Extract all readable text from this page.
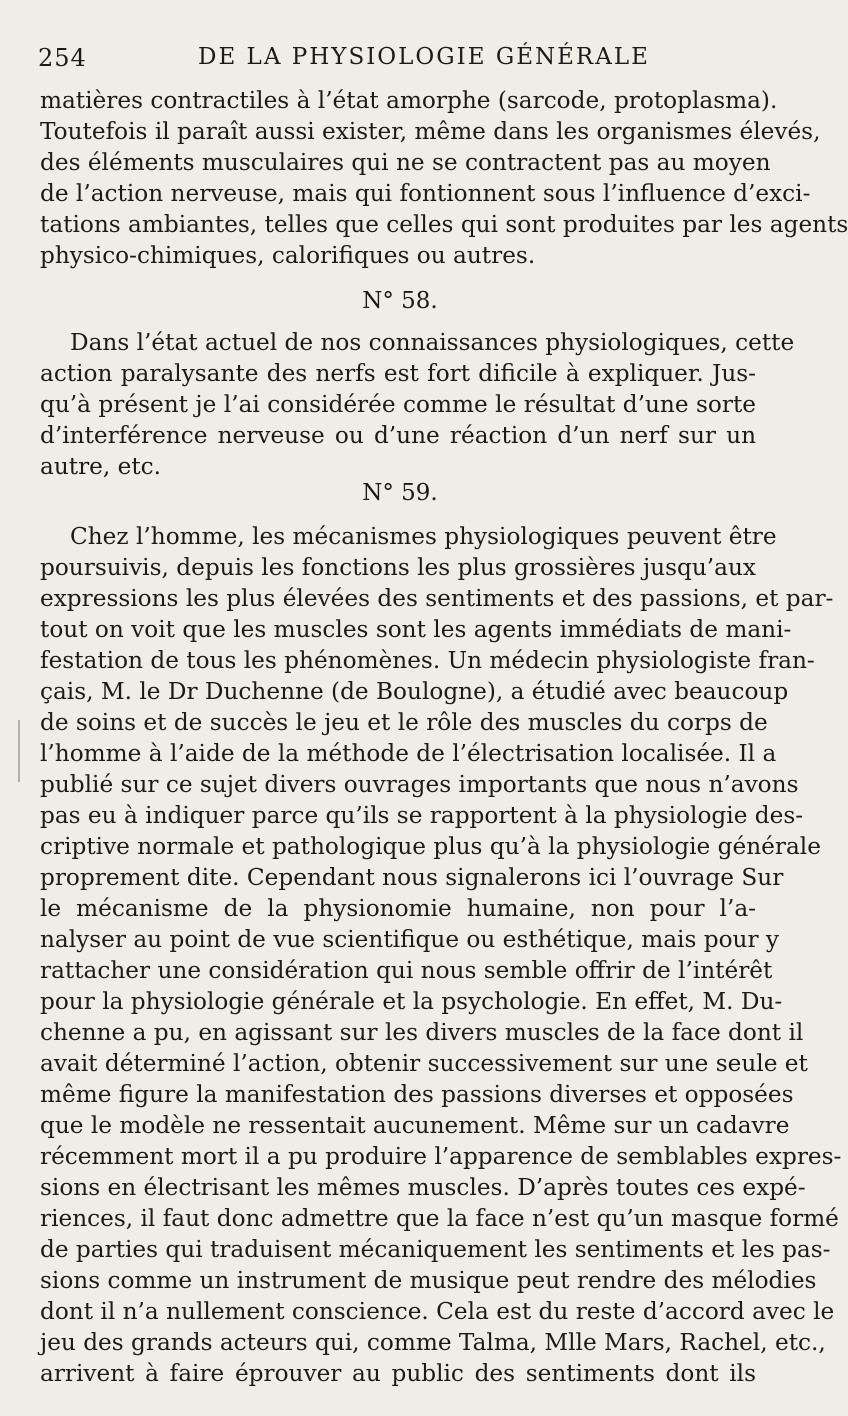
254	DE LA PHYSIOLOGIE GÉNÉRALE
matières contractiles à l’état amorphe (sarcode, protoplasma).
Toutefois il paraît aussi exister, même dans les organismes élevés,
des éléments musculaires qui ne se contractent pas au moyen
de l’action nerveuse, mais qui fontionnent sous l’influence d’exci-
tations ambiantes, telles que celles qui sont produites par les agents
physico-chimiques, calorifiques ou autres.
N° 58.
Dans l’état actuel de nos connaissances physiologiques, cette
action paralysante des nerfs est fort dificile à expliquer. Jus-
qu’à présent je l’ai considérée comme le résultat d’une sorte
d’interférence nerveuse ou d’une réaction d’un nerf sur un
autre, etc.
N° 59.
Chez l’homme, les mécanismes physiologiques peuvent être
poursuivis, depuis les fonctions les plus grossières jusqu’aux
expressions les plus élevées des sentiments et des passions, et par-
tout on voit que les muscles sont les agents immédiats de mani-
festation de tous les phénomènes. Un médecin physiologiste fran-
çais, M. le Dr Duchenne (de Boulogne), a étudié avec beaucoup
de soins et de succès le jeu et le rôle des muscles du corps de
l’homme à l’aide de la méthode de l’électrisation localisée. Il a
publié sur ce sujet divers ouvrages importants que nous n’avons
pas eu à indiquer parce qu’ils se rapportent à la physiologie des-
criptive normale et pathologique plus qu’à la physiologie générale
proprement dite. Cependant nous signalerons ici l’ouvrage Sur
le mécanisme de la physionomie humaine, non pour l’a-
nalyser au point de vue scientifique ou esthétique, mais pour y
rattacher une considération qui nous semble offrir de l’intérêt
pour la physiologie générale et la psychologie. En effet, M. Du-
chenne a pu, en agissant sur les divers muscles de la face dont il
avait déterminé l’action, obtenir successivement sur une seule et
même figure la manifestation des passions diverses et opposées
que le modèle ne ressentait aucunement. Même sur un cadavre
récemment mort il a pu produire l’apparence de semblables expres-
sions en électrisant les mêmes muscles. D’après toutes ces expé-
riences, il faut donc admettre que la face n’est qu’un masque formé
de parties qui traduisent mécaniquement les sentiments et les pas-
sions comme un instrument de musique peut rendre des mélodies
dont il n’a nullement conscience. Cela est du reste d’accord avec le
jeu des grands acteurs qui, comme Talma, Mlle Mars, Rachel, etc.,
arrivent à faire éprouver au public des sentiments dont ils
